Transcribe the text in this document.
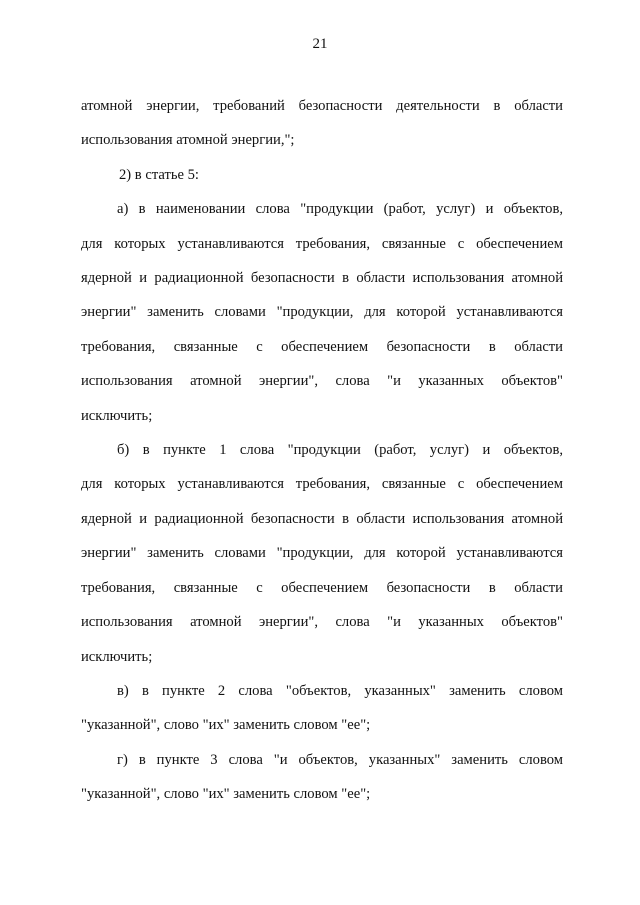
21
атомной энергии, требований безопасности деятельности в области
использования атомной энергии,";
2) в статье 5:
а) в наименовании слова "продукции (работ, услуг) и объектов,
для которых устанавливаются требования, связанные с обеспечением
ядерной и радиационной безопасности в области использования атомной
энергии" заменить словами "продукции, для которой устанавливаются
требования, связанные с обеспечением безопасности в области
использования атомной энергии", слова "и указанных объектов"
исключить;
б) в пункте 1 слова "продукции (работ, услуг) и объектов,
для которых устанавливаются требования, связанные с обеспечением
ядерной и радиационной безопасности в области использования атомной
энергии" заменить словами "продукции, для которой устанавливаются
требования, связанные с обеспечением безопасности в области
использования атомной энергии", слова "и указанных объектов"
исключить;
в) в пункте 2 слова "объектов, указанных" заменить словом
"указанной", слово "их" заменить словом "ее";
г) в пункте 3 слова "и объектов, указанных" заменить словом
"указанной", слово "их" заменить словом "ее";
